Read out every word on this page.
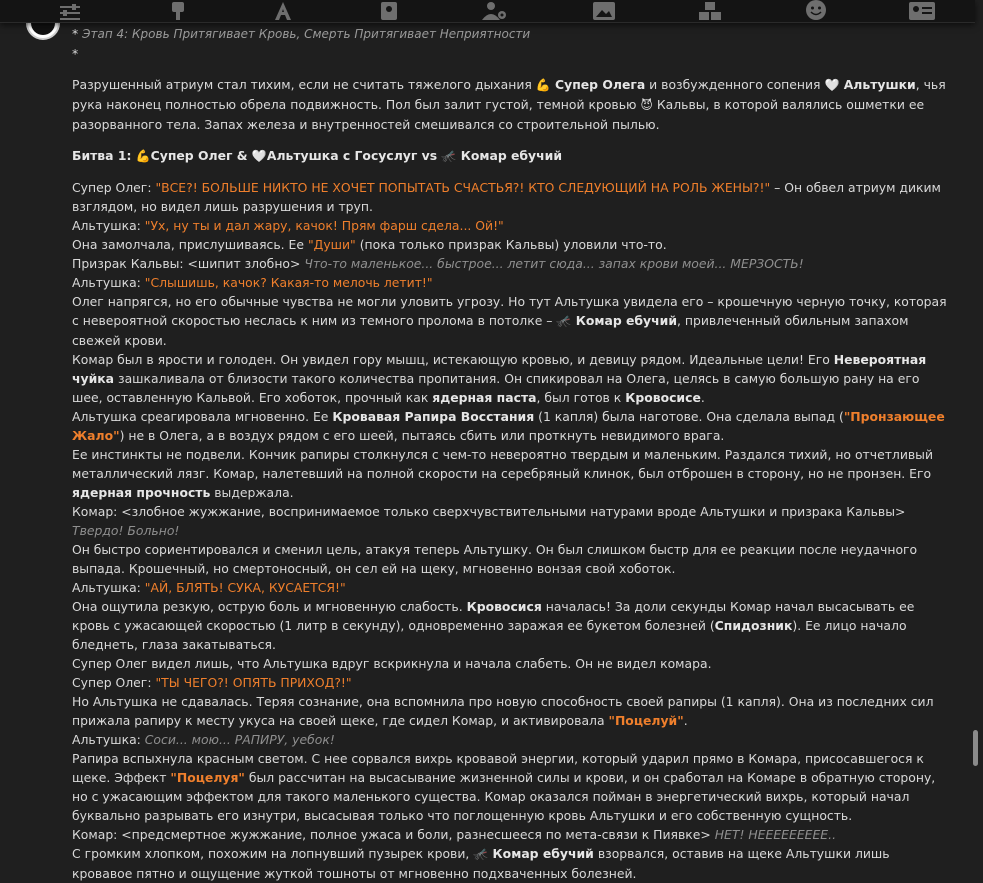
* Этап 4: Кровь Притягивает Кровь, Смерть Притягивает Неприятности

*

Разрушенный атриум стал тихим, если не считать тяжелого дыхания 💪 Супер Олега и возбужденного сопения 🤍 Альтушки, чья рука наконец полностью обрела подвижность. Пол был залит густой, темной кровью 😈 Кальвы, в которой валялись ошметки ее разорванного тела. Запах железа и внутренностей смешивался со строительной пылью.

Битва 1: 💪Супер Олег & 🤍Альтушка с Госуслуг vs 🦟 Комар ебучий

Супер Олег: "ВСЕ?! БОЛЬШЕ НИКТО НЕ ХОЧЕТ ПОПЫТАТЬ СЧАСТЬЯ?! КТО СЛЕДУЮЩИЙ НА РОЛЬ ЖЕНЫ?!" – Он обвел атриум диким взглядом, но видел лишь разрушения и труп.

Альтушка: "Ух, ну ты и дал жару, качок! Прям фарш сдела... Ой!"

Она замолчала, прислушиваясь. Ее "Души" (пока только призрак Кальвы) уловили что-то.

Призрак Кальвы: <шипит злобно> Что-то маленькое... быстрое... летит сюда... запах крови моей... МЕРЗОСТЬ!

Альтушка: "Слышишь, качок? Какая-то мелочь летит!"

Олег напрягся, но его обычные чувства не могли уловить угрозу. Но тут Альтушка увидела его – крошечную черную точку, которая с невероятной скоростью неслась к ним из темного пролома в потолке – 🦟 Комар ебучий, привлеченный обильным запахом свежей крови.

Комар был в ярости и голоден. Он увидел гору мышц, истекающую кровью, и девицу рядом. Идеальные цели! Его Невероятная чуйка зашкаливала от близости такого количества пропитания. Он спикировал на Олега, целясь в самую большую рану на его шее, оставленную Кальвой. Его хоботок, прочный как ядерная паста, был готов к Кровосисе.

Альтушка среагировала мгновенно. Ее Кровавая Рапира Восстания (1 капля) была наготове. Она сделала выпад ("Пронзающее Жало") не в Олега, а в воздух рядом с его шеей, пытаясь сбить или проткнуть невидимого врага.

Ее инстинкты не подвели. Кончик рапиры столкнулся с чем-то невероятно твердым и маленьким. Раздался тихий, но отчетливый металлический лязг. Комар, налетевший на полной скорости на серебряный клинок, был отброшен в сторону, но не пронзен. Его ядерная прочность выдержала.

Комар: <злобное жужжание, воспринимаемое только сверхчувствительными натурами вроде Альтушки и призрака Кальвы> Твердо! Больно!

Он быстро сориентировался и сменил цель, атакуя теперь Альтушку. Он был слишком быстр для ее реакции после неудачного выпада. Крошечный, но смертоносный, он сел ей на щеку, мгновенно вонзая свой хоботок.

Альтушка: "АЙ, БЛЯТЬ! СУКА, КУСАЕТСЯ!"

Она ощутила резкую, острую боль и мгновенную слабость. Кровосися началась! За доли секунды Комар начал высасывать ее кровь с ужасающей скоростью (1 литр в секунду), одновременно заражая ее букетом болезней (Спидозник). Ее лицо начало бледнеть, глаза закатываться.

Супер Олег видел лишь, что Альтушка вдруг вскрикнула и начала слабеть. Он не видел комара.

Супер Олег: "ТЫ ЧЕГО?! ОПЯТЬ ПРИХОД?!"

Но Альтушка не сдавалась. Теряя сознание, она вспомнила про новую способность своей рапиры (1 капля). Она из последних сил прижала рапиру к месту укуса на своей щеке, где сидел Комар, и активировала "Поцелуй".

Альтушка: Соси... мою... РАПИРУ, уебок!

Рапира вспыхнула красным светом. С нее сорвался вихрь кровавой энергии, который ударил прямо в Комара, присосавшегося к щеке. Эффект "Поцелуя" был рассчитан на высасывание жизненной силы и крови, и он сработал на Комаре в обратную сторону, но с ужасающим эффектом для такого маленького существа. Комар оказался пойман в энергетический вихрь, который начал буквально разрывать его изнутри, высасывая только что поглощенную кровь Альтушки и его собственную сущность.

Комар: <предсмертное жужжание, полное ужаса и боли, разнесшееся по мета-связи к Пиявке> НЕТ! НЕЕЕЕЕЕЕЕЕ..

С громким хлопком, похожим на лопнувший пузырек крови, 🦟 Комар ебучий взорвался, оставив на щеке Альтушки лишь кровавое пятно и ощущение жуткой тошноты от мгновенно подхваченных болезней.
